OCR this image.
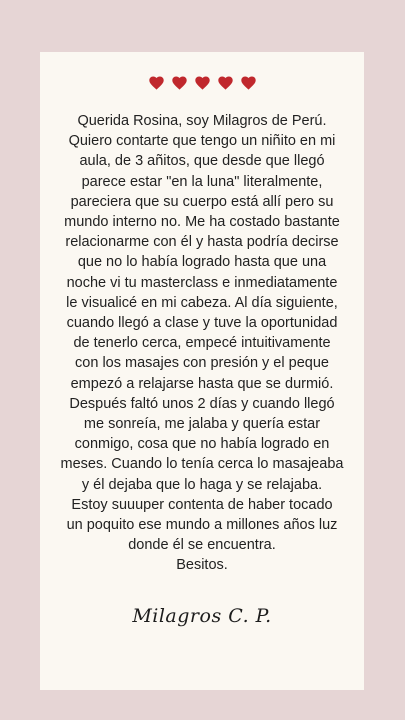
Querida Rosina, soy Milagros de Perú.
Quiero contarte que tengo un niñito en mi
aula, de 3 añitos, que desde que llegó
parece estar "en la luna" literalmente,
pareciera que su cuerpo está allí pero su
mundo interno no. Me ha costado bastante
relacionarme con él y hasta podría decirse
que no lo había logrado hasta que una
noche vi tu masterclass e inmediatamente
le visualicé en mi cabeza. Al día siguiente,
cuando llegó a clase y tuve la oportunidad
de tenerlo cerca, empecé intuitivamente
con los masajes con presión y el peque
empezó a relajarse hasta que se durmió.
Después faltó unos 2 días y cuando llegó
me sonreía, me jalaba y quería estar
conmigo, cosa que no había logrado en
meses. Cuando lo tenía cerca lo masajeaba
y él dejaba que lo haga y se relajaba.
Estoy suuuper contenta de haber tocado
un poquito ese mundo a millones años luz
donde él se encuentra.
Besitos.
Milagros C. P.
